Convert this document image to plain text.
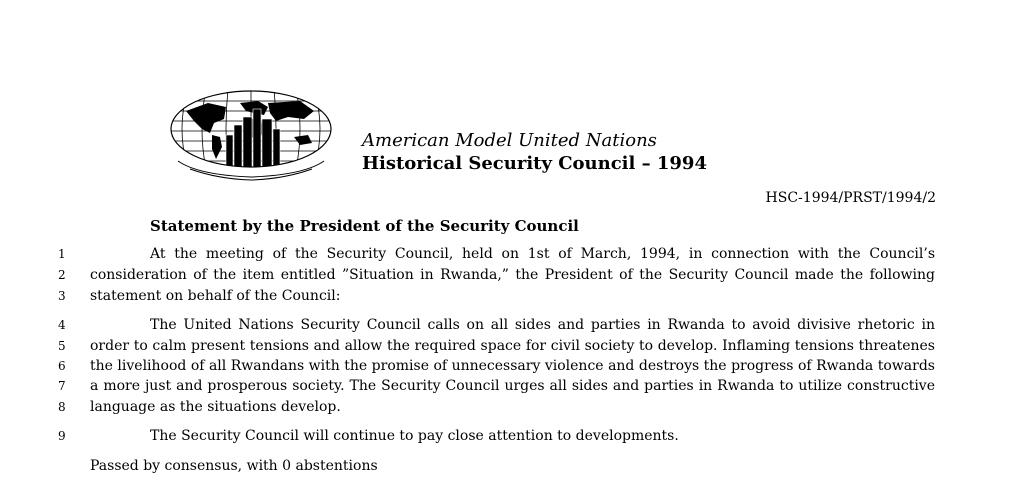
American Model United Nations
Historical Security Council – 1994
HSC-1994/PRST/1994/2
Statement by the President of the Security Council
1	At the meeting of the Security Council, held on 1st of March, 1994, in connection with the Council’s
2	consideration of the item entitled ”Situation in Rwanda,” the President of the Security Council made the following
3	statement on behalf of the Council:
4	The United Nations Security Council calls on all sides and parties in Rwanda to avoid divisive rhetoric in
5	order to calm present tensions and allow the required space for civil society to develop. Inflaming tensions threatenes
6	the livelihood of all Rwandans with the promise of unnecessary violence and destroys the progress of Rwanda towards
7	a more just and prosperous society. The Security Council urges all sides and parties in Rwanda to utilize constructive
8	language as the situations develop.
9	The Security Council will continue to pay close attention to developments.
Passed by consensus, with 0 abstentions
